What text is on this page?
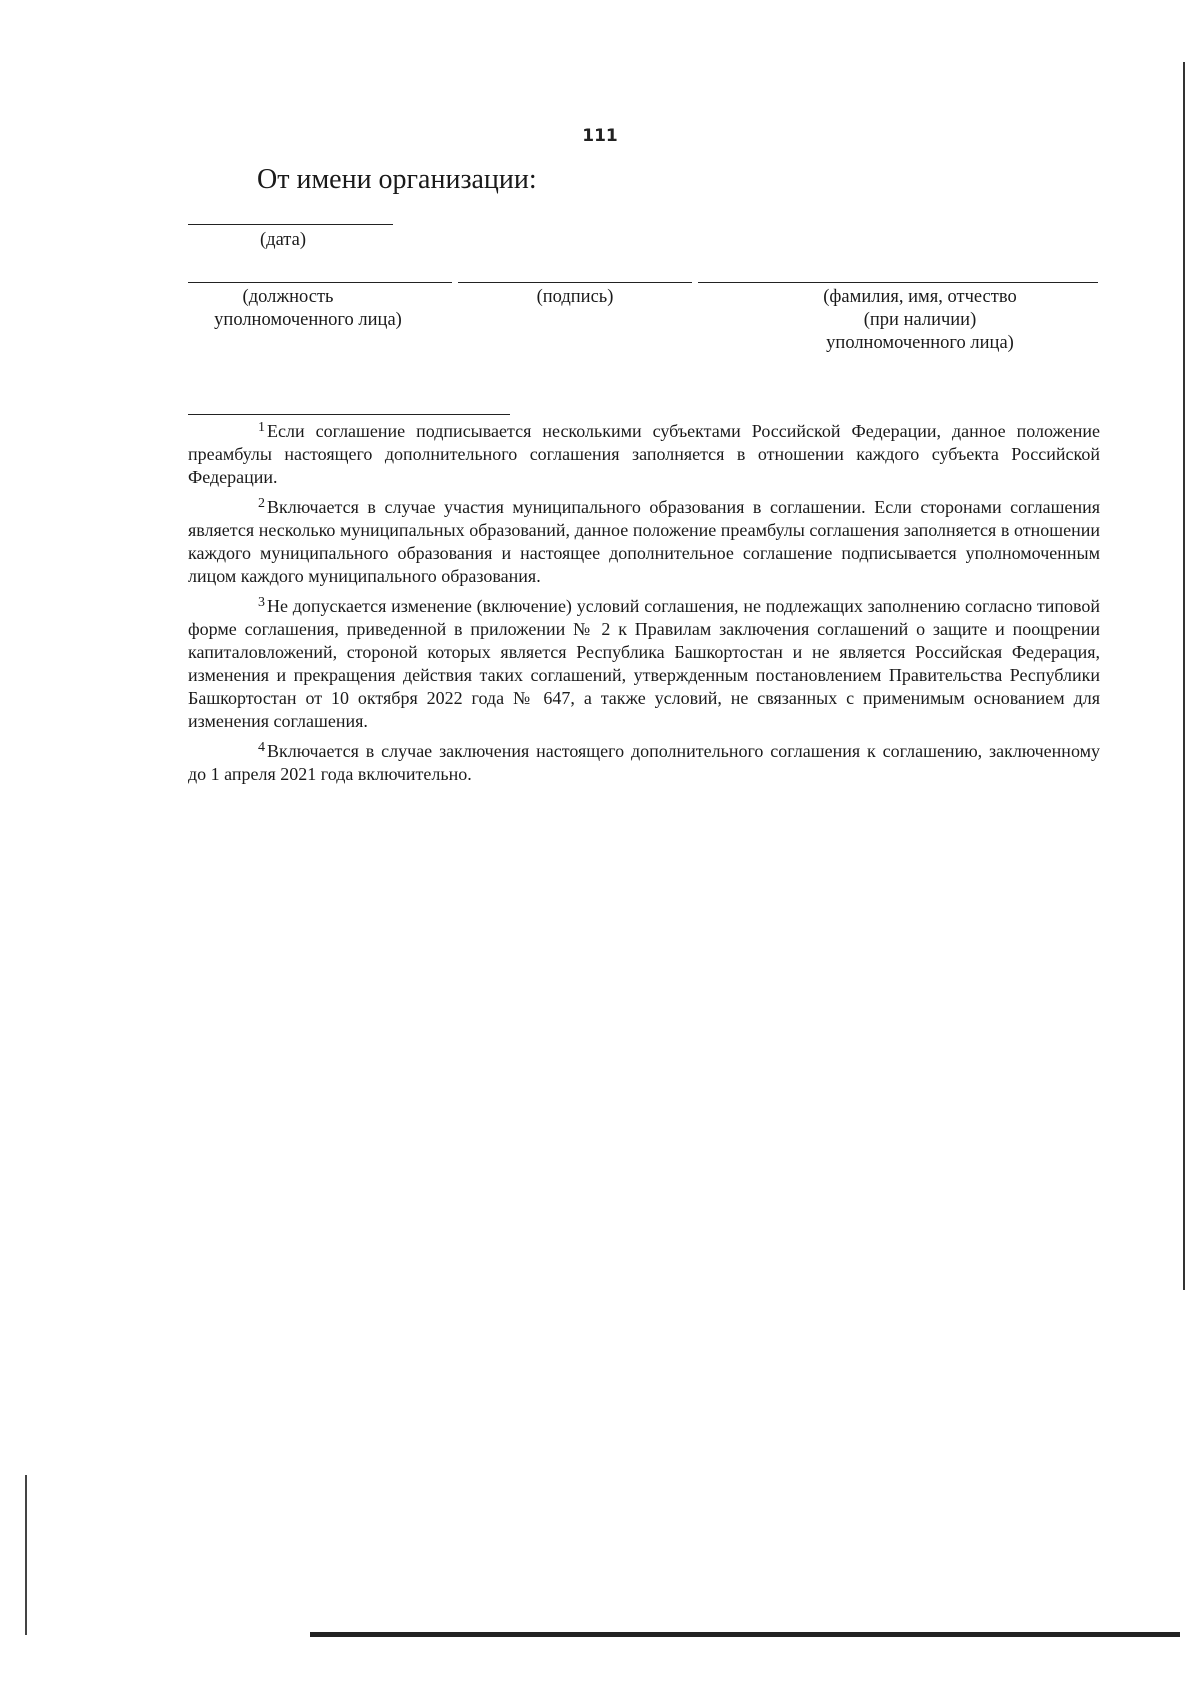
111
От имени организации:
(дата)
(должность
уполномоченного лица)
(подпись)	(фамилия, имя, отчество
(при наличии)
уполномоченного лица)

$^1$ Если соглашение подписывается несколькими субъектами Российской Федерации, данное положение преамбулы настоящего дополнительного соглашения заполняется в отношении каждого субъекта Российской Федерации.

$^2$ Включается в случае участия муниципального образования в соглашении. Если сторонами соглашения является несколько муниципальных образований, данное положение преамбулы соглашения заполняется в отношении каждого муниципального образования и настоящее дополнительное соглашение подписывается уполномоченным лицом каждого муниципального образования.

$^3$ Не допускается изменение (включение) условий соглашения, не подлежащих заполнению согласно типовой форме соглашения, приведенной в приложении № 2 к Правилам заключения соглашений о защите и поощрении капиталовложений, стороной которых является Республика Башкортостан и не является Российская Федерация, изменения и прекращения действия таких соглашений, утвержденным постановлением Правительства Республики Башкортостан от 10 октября 2022 года № 647, а также условий, не связанных с применимым основанием для изменения соглашения.

$^4$ Включается в случае заключения настоящего дополнительного соглашения к соглашению, заключенному до 1 апреля 2021 года включительно.
